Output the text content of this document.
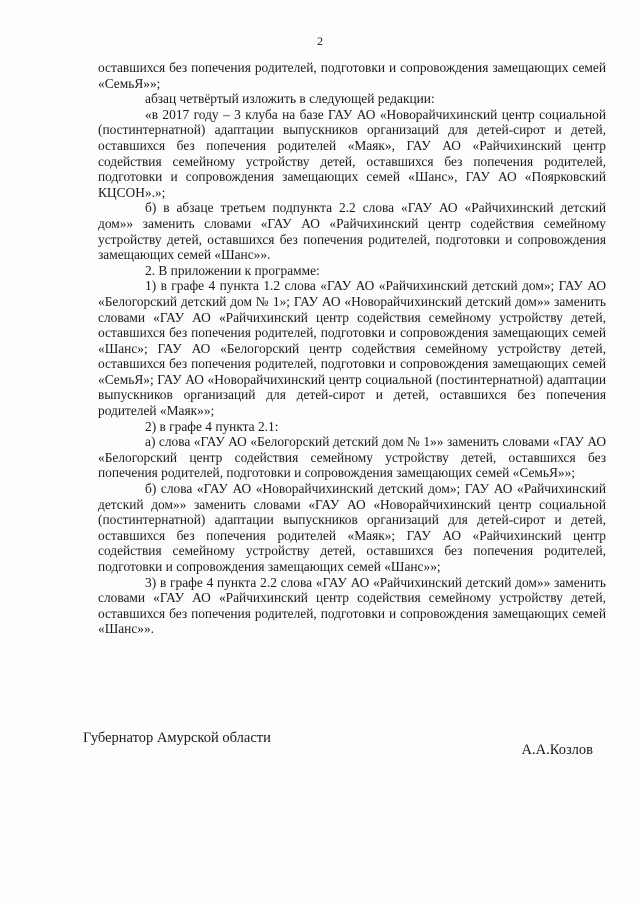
2

оставшихся без попечения родителей, подготовки и сопровождения замещающих семей «СемьЯ»»;

абзац четвёртый изложить в следующей редакции:

«в 2017 году – 3 клуба на базе ГАУ АО «Новорайчихинский центр социальной (постинтернатной) адаптации выпускников организаций для детей-сирот и детей, оставшихся без попечения родителей «Маяк», ГАУ АО «Райчихинский центр содействия семейному устройству детей, оставшихся без попечения родителей, подготовки и сопровождения замещающих семей «Шанс», ГАУ АО «Поярковский КЦСОН».»;

б) в абзаце третьем подпункта 2.2 слова «ГАУ АО «Райчихинский детский дом»» заменить словами «ГАУ АО «Райчихинский центр содействия семейному устройству детей, оставшихся без попечения родителей, подготовки и сопровождения замещающих семей «Шанс»».

2. В приложении к программе:

1) в графе 4 пункта 1.2 слова «ГАУ АО «Райчихинский детский дом»; ГАУ АО «Белогорский детский дом № 1»; ГАУ АО «Новорайчихинский детский дом»» заменить словами «ГАУ АО «Райчихинский центр содействия семейному устройству детей, оставшихся без попечения родителей, подготовки и сопровождения замещающих семей «Шанс»; ГАУ АО «Белогорский центр содействия семейному устройству детей, оставшихся без попечения родителей, подготовки и сопровождения замещающих семей «СемьЯ»; ГАУ АО «Новорайчихинский центр социальной (постинтернатной) адаптации выпускников организаций для детей-сирот и детей, оставшихся без попечения родителей «Маяк»»;

2) в графе 4 пункта 2.1:

а) слова «ГАУ АО «Белогорский детский дом № 1»» заменить словами «ГАУ АО «Белогорский центр содействия семейному устройству детей, оставшихся без попечения родителей, подготовки и сопровождения замещающих семей «СемьЯ»»;

б) слова «ГАУ АО «Новорайчихинский детский дом»; ГАУ АО «Райчихинский детский дом»» заменить словами «ГАУ АО «Новорайчихинский центр социальной (постинтернатной) адаптации выпускников организаций для детей-сирот и детей, оставшихся без попечения родителей «Маяк»; ГАУ АО «Райчихинский центр содействия семейному устройству детей, оставшихся без попечения родителей, подготовки и сопровождения замещающих семей «Шанс»»;

3) в графе 4 пункта 2.2 слова «ГАУ АО «Райчихинский детский дом»» заменить словами «ГАУ АО «Райчихинский центр содействия семейному устройству детей, оставшихся без попечения родителей, подготовки и сопровождения замещающих семей «Шанс»».

Губернатор Амурской области
А.А.Козлов
